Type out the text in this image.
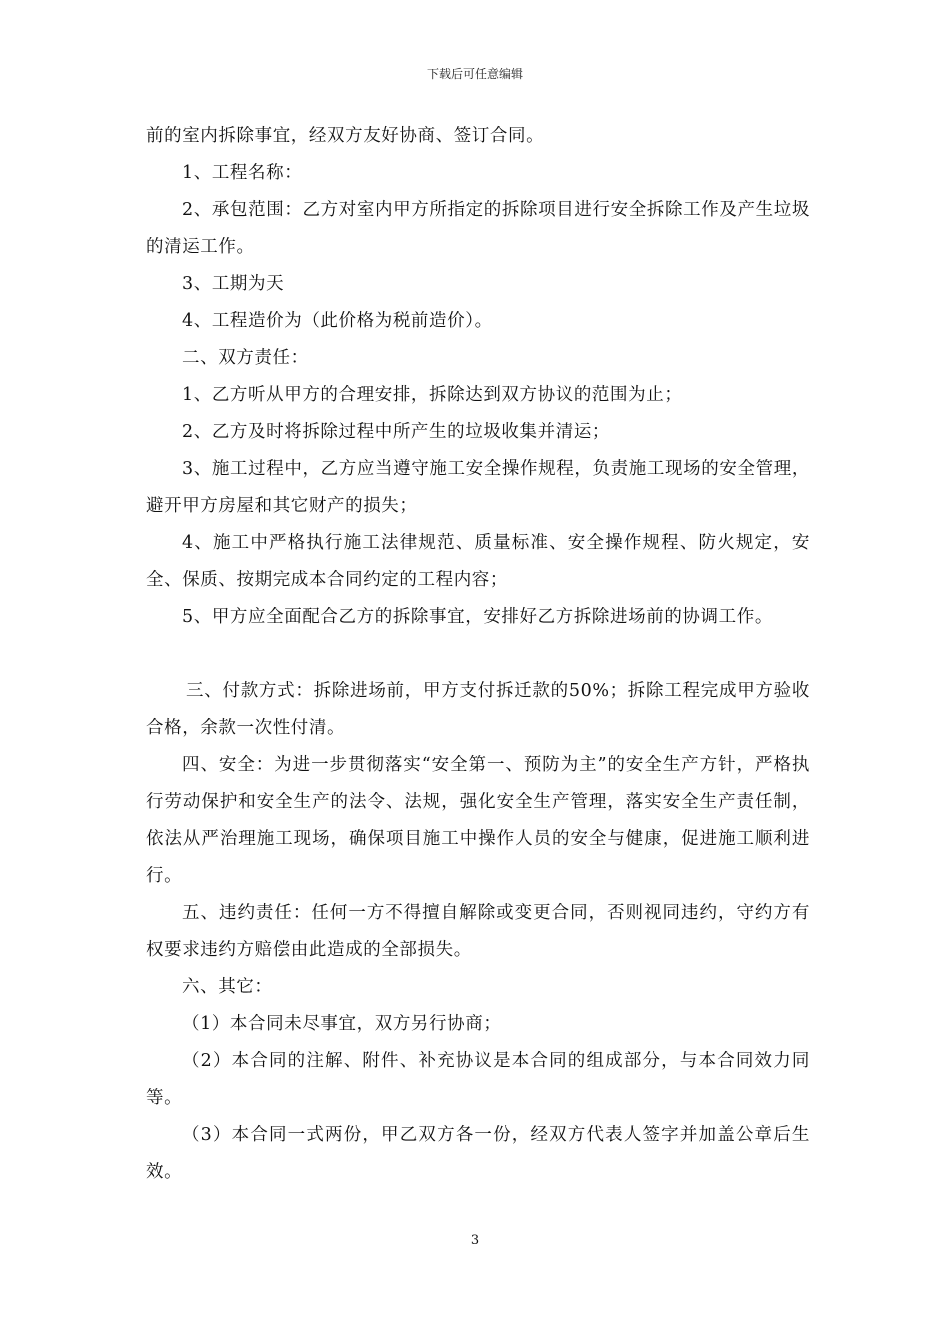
下载后可任意编辑

前的室内拆除事宜，经双方友好协商、签订合同。

1、工程名称：

2、承包范围：乙方对室内甲方所指定的拆除项目进行安全拆除工作及产生垃圾的清运工作。

3、工期为天

4、工程造价为（此价格为税前造价）。

二、双方责任：

1、乙方听从甲方的合理安排，拆除达到双方协议的范围为止；

2、乙方及时将拆除过程中所产生的垃圾收集并清运；

3、施工过程中，乙方应当遵守施工安全操作规程，负责施工现场的安全管理，避开甲方房屋和其它财产的损失；

4、施工中严格执行施工法律规范、质量标准、安全操作规程、防火规定，安全、保质、按期完成本合同约定的工程内容；

5、甲方应全面配合乙方的拆除事宜，安排好乙方拆除进场前的协调工作。

三、付款方式：拆除进场前，甲方支付拆迁款的50%；拆除工程完成甲方验收合格，余款一次性付清。

四、安全：为进一步贯彻落实“安全第一、预防为主”的安全生产方针，严格执行劳动保护和安全生产的法令、法规，强化安全生产管理，落实安全生产责任制，依法从严治理施工现场，确保项目施工中操作人员的安全与健康，促进施工顺利进行。

五、违约责任：任何一方不得擅自解除或变更合同，否则视同违约，守约方有权要求违约方赔偿由此造成的全部损失。

六、其它：

（1）本合同未尽事宜，双方另行协商；

（2）本合同的注解、附件、补充协议是本合同的组成部分，与本合同效力同等。

（3）本合同一式两份，甲乙双方各一份，经双方代表人签字并加盖公章后生效。

3
